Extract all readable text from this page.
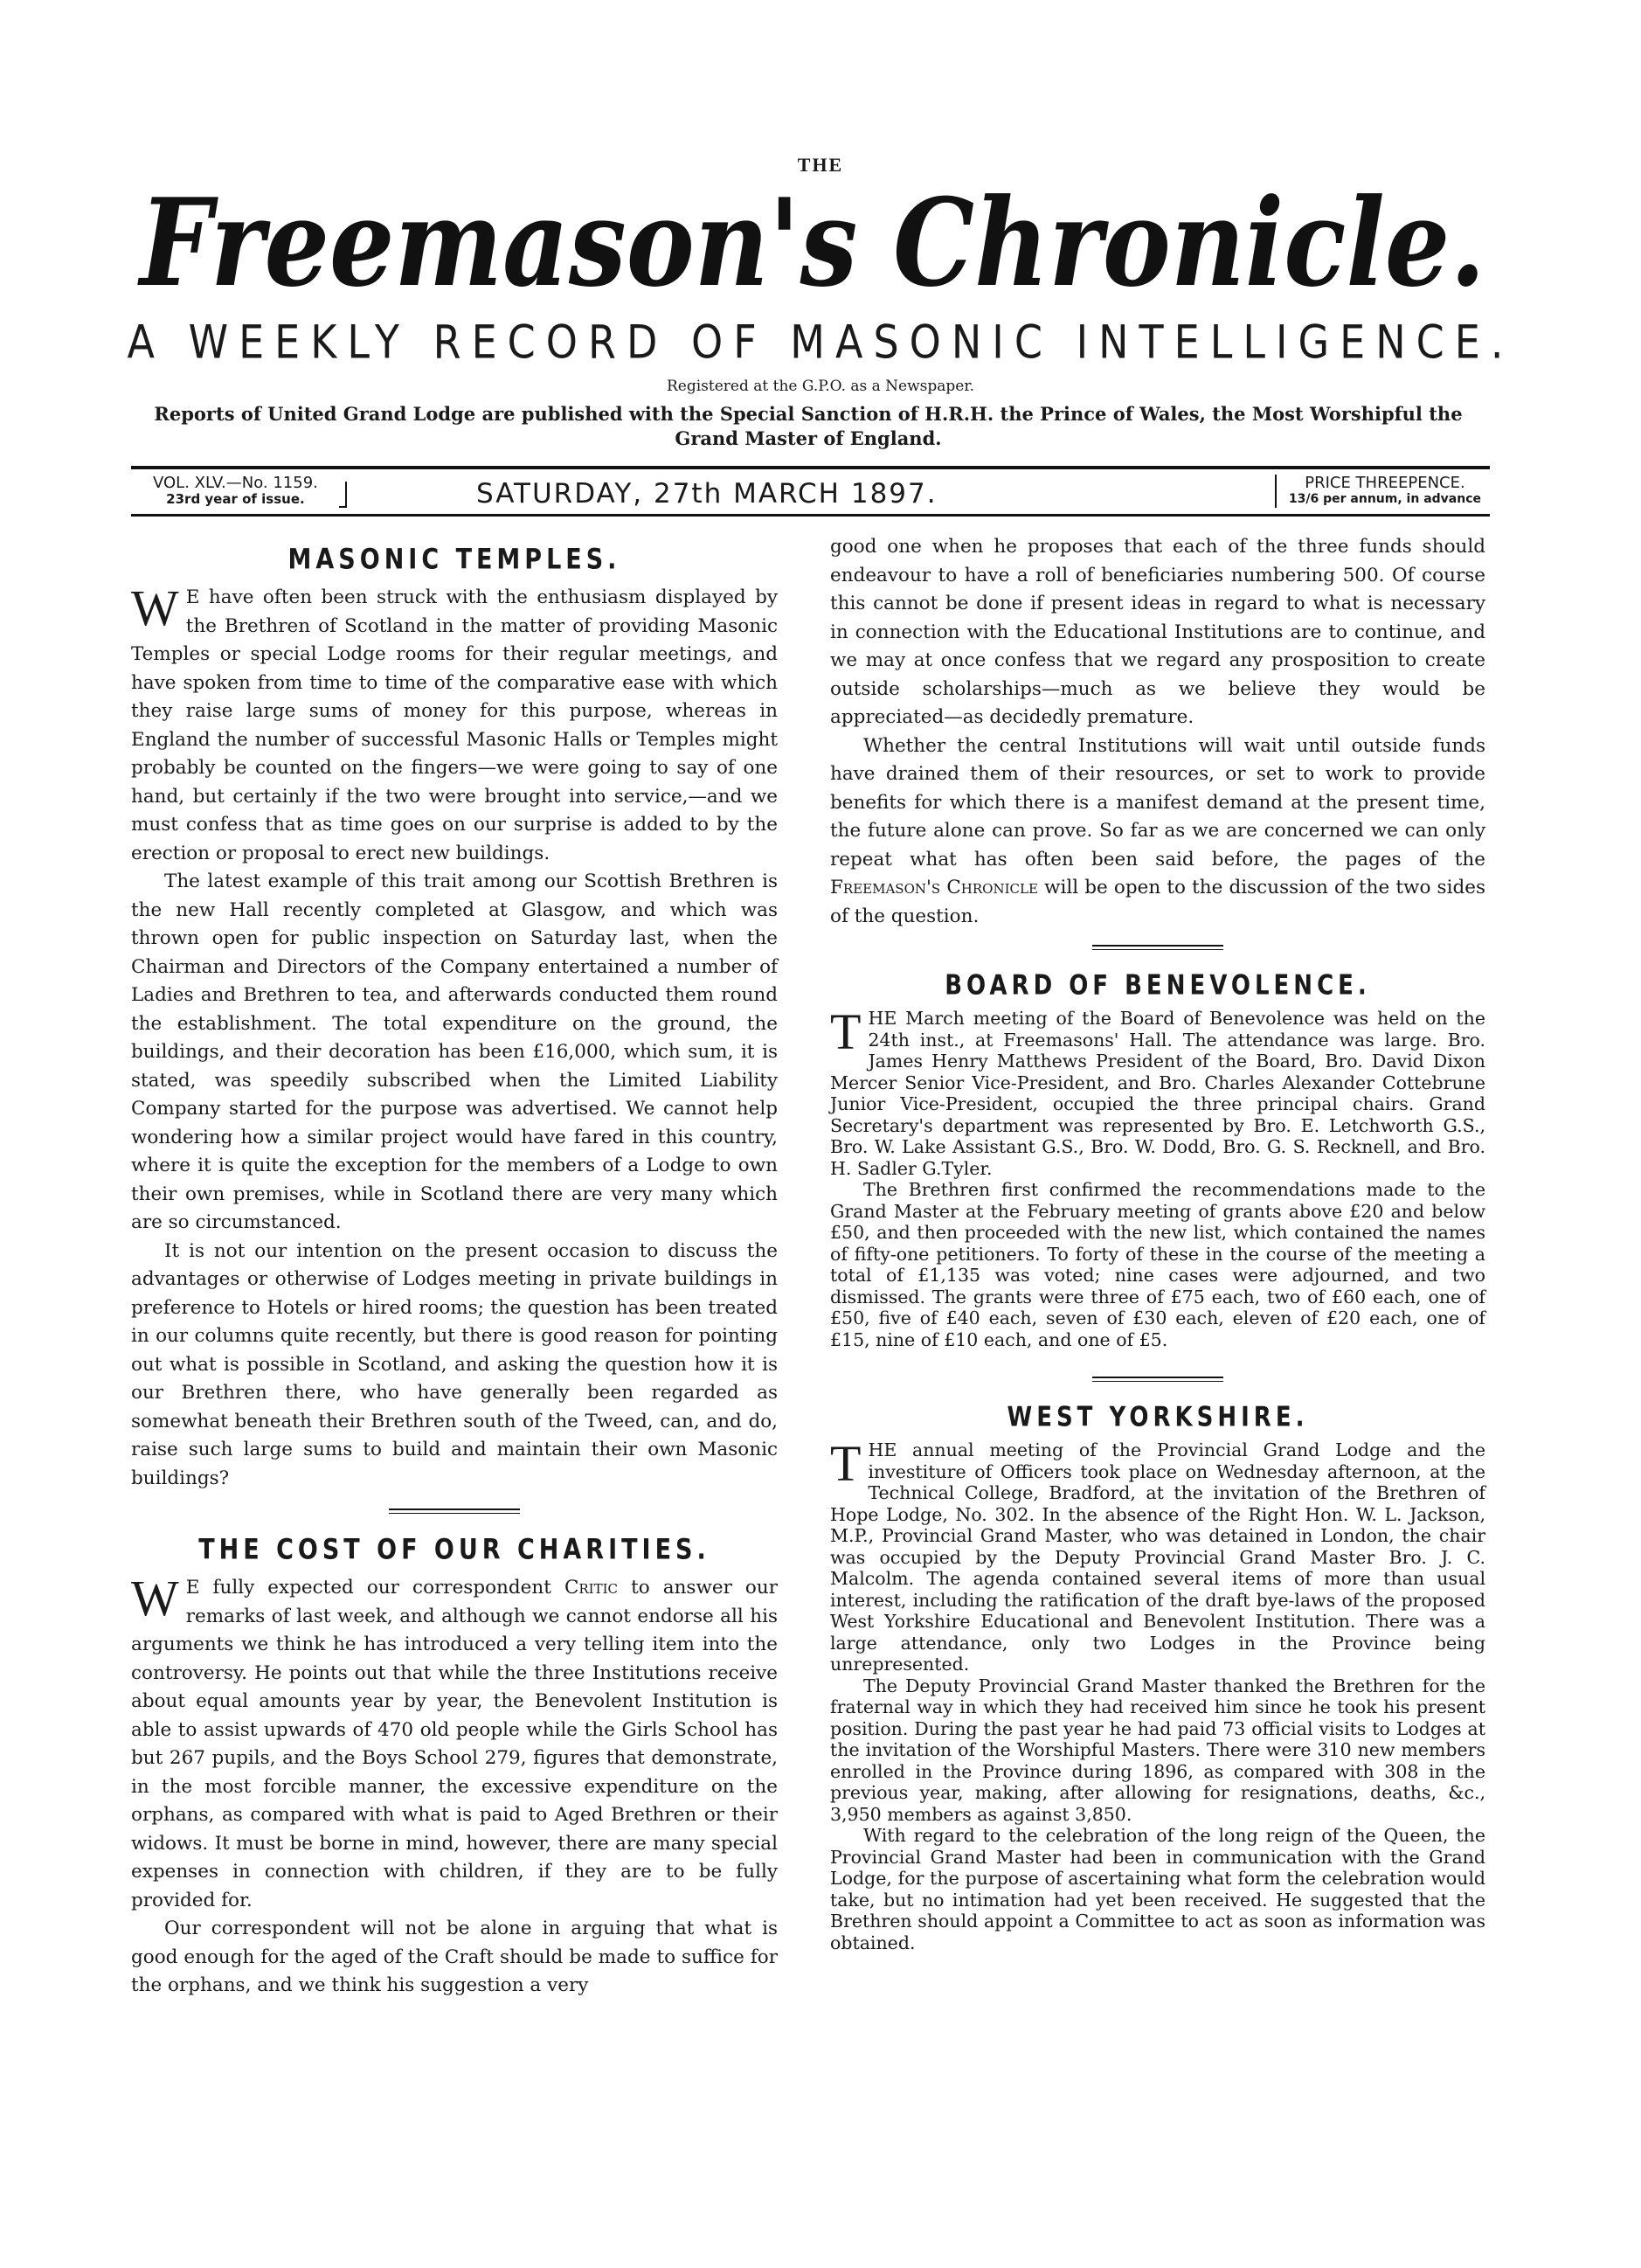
THE
Freemason's Chronicle.
A WEEKLY RECORD OF MASONIC INTELLIGENCE.
Registered at the G.P.O. as a Newspaper.
Reports of United Grand Lodge are published with the Special Sanction of H.R.H. the Prince of Wales, the Most Worshipful the Grand Master of England.
VOL. XLV.—No. 1159.
23rd year of issue.	SATURDAY, 27th MARCH 1897.	PRICE THREEPENCE.
13/6 per annum, in advance
MASONIC TEMPLES.

W E have often been struck with the enthusiasm displayed by the Brethren of Scotland in the matter of providing Masonic Temples or special Lodge rooms for their regular meetings, and have spoken from time to time of the comparative ease with which they raise large sums of money for this purpose, whereas in England the number of successful Masonic Halls or Temples might probably be counted on the fingers—we were going to say of one hand, but certainly if the two were brought into service,—and we must confess that as time goes on our surprise is added to by the erection or proposal to erect new buildings.

The latest example of this trait among our Scottish Brethren is the new Hall recently completed at Glasgow, and which was thrown open for public inspection on Saturday last, when the Chairman and Directors of the Company entertained a number of Ladies and Brethren to tea, and afterwards conducted them round the establishment. The total expenditure on the ground, the buildings, and their decoration has been £16,000, which sum, it is stated, was speedily subscribed when the Limited Liability Company started for the purpose was advertised. We cannot help wondering how a similar project would have fared in this country, where it is quite the exception for the members of a Lodge to own their own premises, while in Scotland there are very many which are so circumstanced.

It is not our intention on the present occasion to discuss the advantages or otherwise of Lodges meeting in private buildings in preference to Hotels or hired rooms; the question has been treated in our columns quite recently, but there is good reason for pointing out what is possible in Scotland, and asking the question how it is our Brethren there, who have generally been regarded as somewhat beneath their Brethren south of the Tweed, can, and do, raise such large sums to build and maintain their own Masonic buildings?

THE COST OF OUR CHARITIES.

W E fully expected our correspondent Critic to answer our remarks of last week, and although we cannot endorse all his arguments we think he has introduced a very telling item into the controversy. He points out that while the three Institutions receive about equal amounts year by year, the Benevolent Institution is able to assist upwards of 470 old people while the Girls School has but 267 pupils, and the Boys School 279, figures that demonstrate, in the most forcible manner, the excessive expenditure on the orphans, as compared with what is paid to Aged Brethren or their widows. It must be borne in mind, however, there are many special expenses in connection with children, if they are to be fully provided for.

Our correspondent will not be alone in arguing that what is good enough for the aged of the Craft should be made to suffice for the orphans, and we think his suggestion a very

good one when he proposes that each of the three funds should endeavour to have a roll of beneficiaries numbering 500. Of course this cannot be done if present ideas in regard to what is necessary in connection with the Educational Institutions are to continue, and we may at once confess that we regard any prosposition to create outside scholarships—much as we believe they would be appreciated—as decidedly premature.

Whether the central Institutions will wait until outside funds have drained them of their resources, or set to work to provide benefits for which there is a manifest demand at the present time, the future alone can prove. So far as we are concerned we can only repeat what has often been said before, the pages of the Freemason's Chronicle will be open to the discussion of the two sides of the question.

BOARD OF BENEVOLENCE.

THE March meeting of the Board of Benevolence was held on the 24th inst., at Freemasons' Hall. The attendance was large. Bro. James Henry Matthews President of the Board, Bro. David Dixon Mercer Senior Vice-President, and Bro. Charles Alexander Cottebrune Junior Vice-President, occupied the three principal chairs. Grand Secretary's department was represented by Bro. E. Letchworth G.S., Bro. W. Lake Assistant G.S., Bro. W. Dodd, Bro. G. S. Recknell, and Bro. H. Sadler G.Tyler.

The Brethren first confirmed the recommendations made to the Grand Master at the February meeting of grants above £20 and below £50, and then proceeded with the new list, which contained the names of fifty-one petitioners. To forty of these in the course of the meeting a total of £1,135 was voted; nine cases were adjourned, and two dismissed. The grants were three of £75 each, two of £60 each, one of £50, five of £40 each, seven of £30 each, eleven of £20 each, one of £15, nine of £10 each, and one of £5.

WEST YORKSHIRE.

THE annual meeting of the Provincial Grand Lodge and the investiture of Officers took place on Wednesday afternoon, at the Technical College, Bradford, at the invitation of the Brethren of Hope Lodge, No. 302. In the absence of the Right Hon. W. L. Jackson, M.P., Provincial Grand Master, who was detained in London, the chair was occupied by the Deputy Provincial Grand Master Bro. J. C. Malcolm. The agenda contained several items of more than usual interest, including the ratification of the draft bye-laws of the proposed West Yorkshire Educational and Benevolent Institution. There was a large attendance, only two Lodges in the Province being unrepresented.

The Deputy Provincial Grand Master thanked the Brethren for the fraternal way in which they had received him since he took his present position. During the past year he had paid 73 official visits to Lodges at the invitation of the Worshipful Masters. There were 310 new members enrolled in the Province during 1896, as compared with 308 in the previous year, making, after allowing for resignations, deaths, &c., 3,950 members as against 3,850.

With regard to the celebration of the long reign of the Queen, the Provincial Grand Master had been in communication with the Grand Lodge, for the purpose of ascertaining what form the celebration would take, but no intimation had yet been received. He suggested that the Brethren should appoint a Committee to act as soon as information was obtained.
